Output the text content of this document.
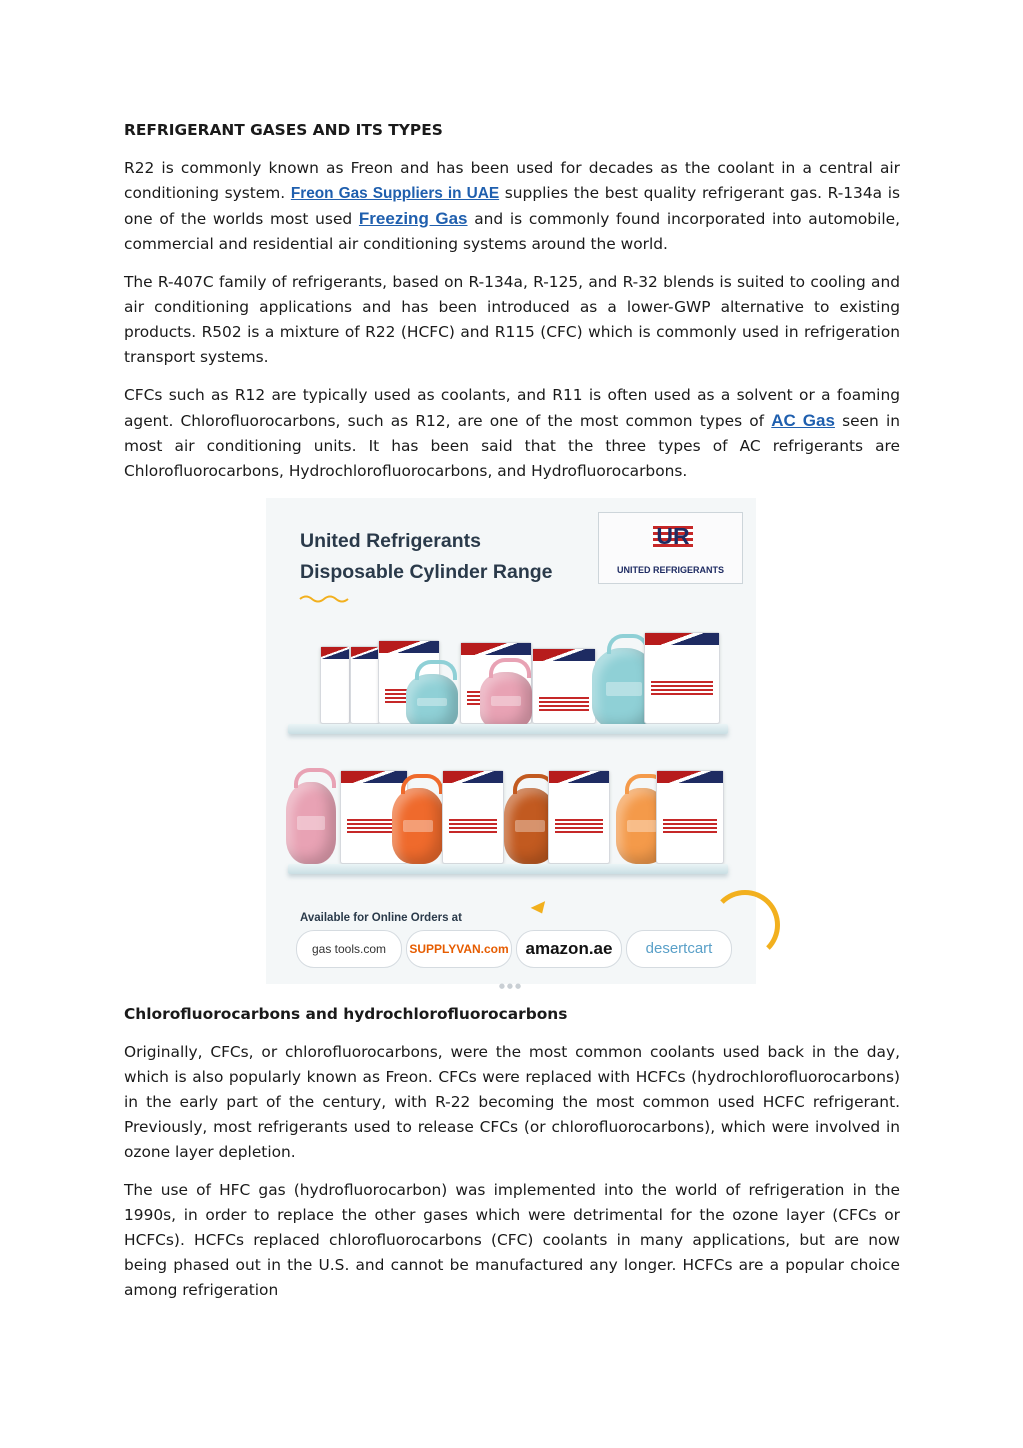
REFRIGERANT GASES AND ITS TYPES

R22 is commonly known as Freon and has been used for decades as the coolant in a central air conditioning system. Freon Gas Suppliers in UAE supplies the best quality refrigerant gas. R-134a is one of the worlds most used Freezing Gas and is commonly found incorporated into automobile, commercial and residential air conditioning systems around the world.

The R-407C family of refrigerants, based on R-134a, R-125, and R-32 blends is suited to cooling and air conditioning applications and has been introduced as a lower-GWP alternative to existing products. R502 is a mixture of R22 (HCFC) and R115 (CFC) which is commonly used in refrigeration transport systems.

CFCs such as R12 are typically used as coolants, and R11 is often used as a solvent or a foaming agent. Chlorofluorocarbons, such as R12, are one of the most common types of AC Gas seen in most air conditioning units. It has been said that the three types of AC refrigerants are Chlorofluorocarbons, Hydrochlorofluorocarbons, and Hydrofluorocarbons.

United Refrigerants
Disposable Cylinder Range
UR
UNITED REFRIGERANTS
Available for Online Orders at
gas tools.com	SUPPLYVAN.com amazon.ae	desertcart
●●●

Chlorofluorocarbons and hydrochlorofluorocarbons

Originally, CFCs, or chlorofluorocarbons, were the most common coolants used back in the day, which is also popularly known as Freon. CFCs were replaced with HCFCs (hydrochlorofluorocarbons) in the early part of the century, with R-22 becoming the most common used HCFC refrigerant. Previously, most refrigerants used to release CFCs (or chlorofluorocarbons), which were involved in ozone layer depletion.

The use of HFC gas (hydrofluorocarbon) was implemented into the world of refrigeration in the 1990s, in order to replace the other gases which were detrimental for the ozone layer (CFCs or HCFCs). HCFCs replaced chlorofluorocarbons (CFC) coolants in many applications, but are now being phased out in the U.S. and cannot be manufactured any longer. HCFCs are a popular choice among refrigeration
